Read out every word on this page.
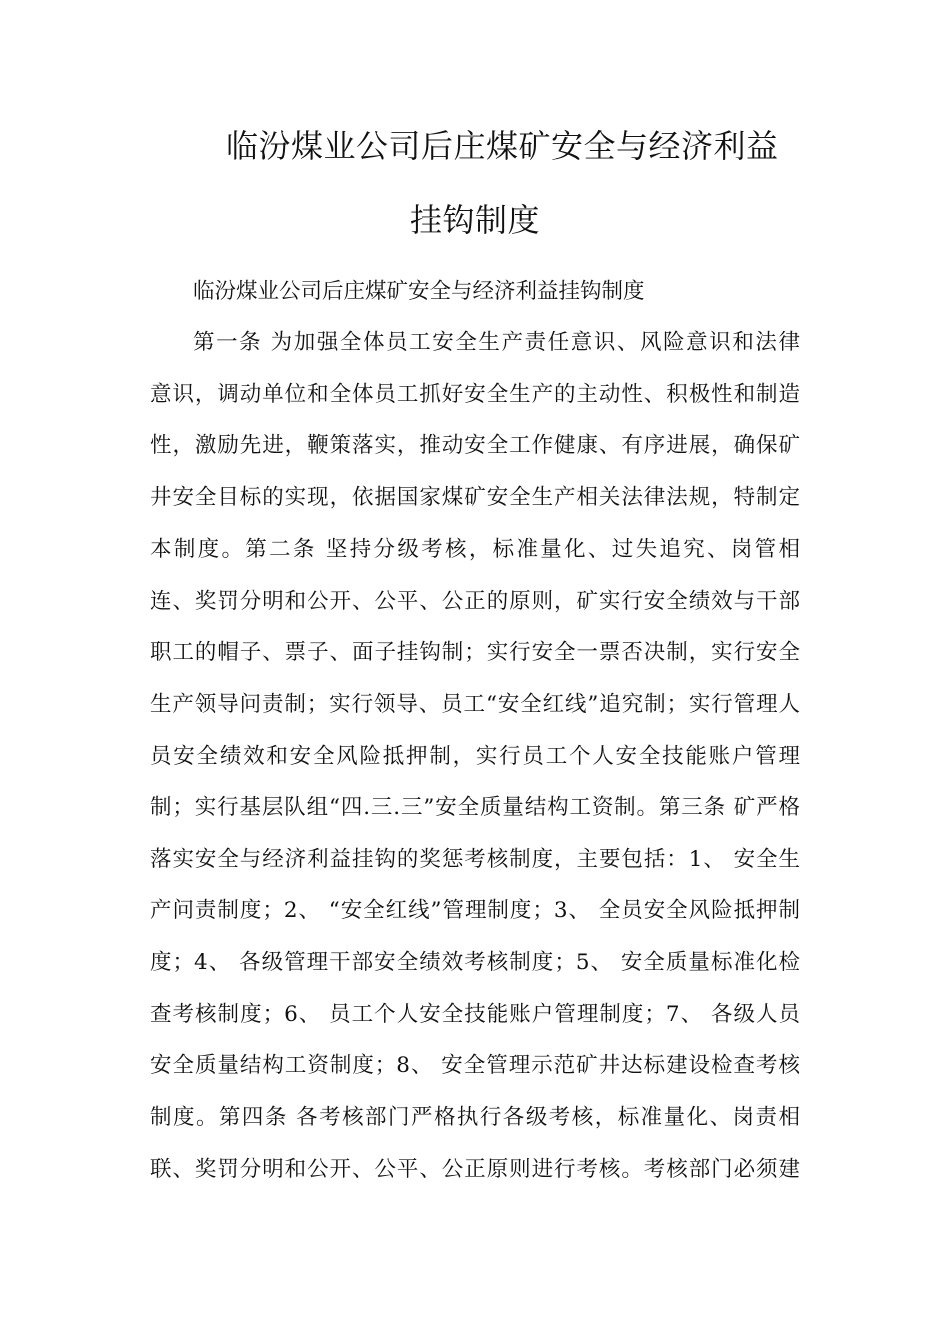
临汾煤业公司后庄煤矿安全与经济利益
挂钩制度

临汾煤业公司后庄煤矿安全与经济利益挂钩制度

第一条 为加强全体员工安全生产责任意识、风险意识和法律

意识，调动单位和全体员工抓好安全生产的主动性、积极性和制造

性，激励先进，鞭策落实，推动安全工作健康、有序进展，确保矿

井安全目标的实现，依据国家煤矿安全生产相关法律法规，特制定

本制度。第二条 坚持分级考核，标准量化、过失追究、岗管相

连、奖罚分明和公开、公平、公正的原则，矿实行安全绩效与干部

职工的帽子、票子、面子挂钩制；实行安全一票否决制，实行安全

生产领导问责制；实行领导、员工“安全红线”追究制；实行管理人

员安全绩效和安全风险抵押制，实行员工个人安全技能账户管理

制；实行基层队组“四.三.三”安全质量结构工资制。第三条 矿严格

落实安全与经济利益挂钩的奖惩考核制度，主要包括：1、 安全生

产问责制度；2、 “安全红线”管理制度；3、 全员安全风险抵押制

度；4、 各级管理干部安全绩效考核制度；5、 安全质量标准化检

查考核制度；6、 员工个人安全技能账户管理制度；7、 各级人员

安全质量结构工资制度；8、 安全管理示范矿井达标建设检查考核

制度。第四条 各考核部门严格执行各级考核，标准量化、岗责相

联、奖罚分明和公开、公平、公正原则进行考核。考核部门必须建
